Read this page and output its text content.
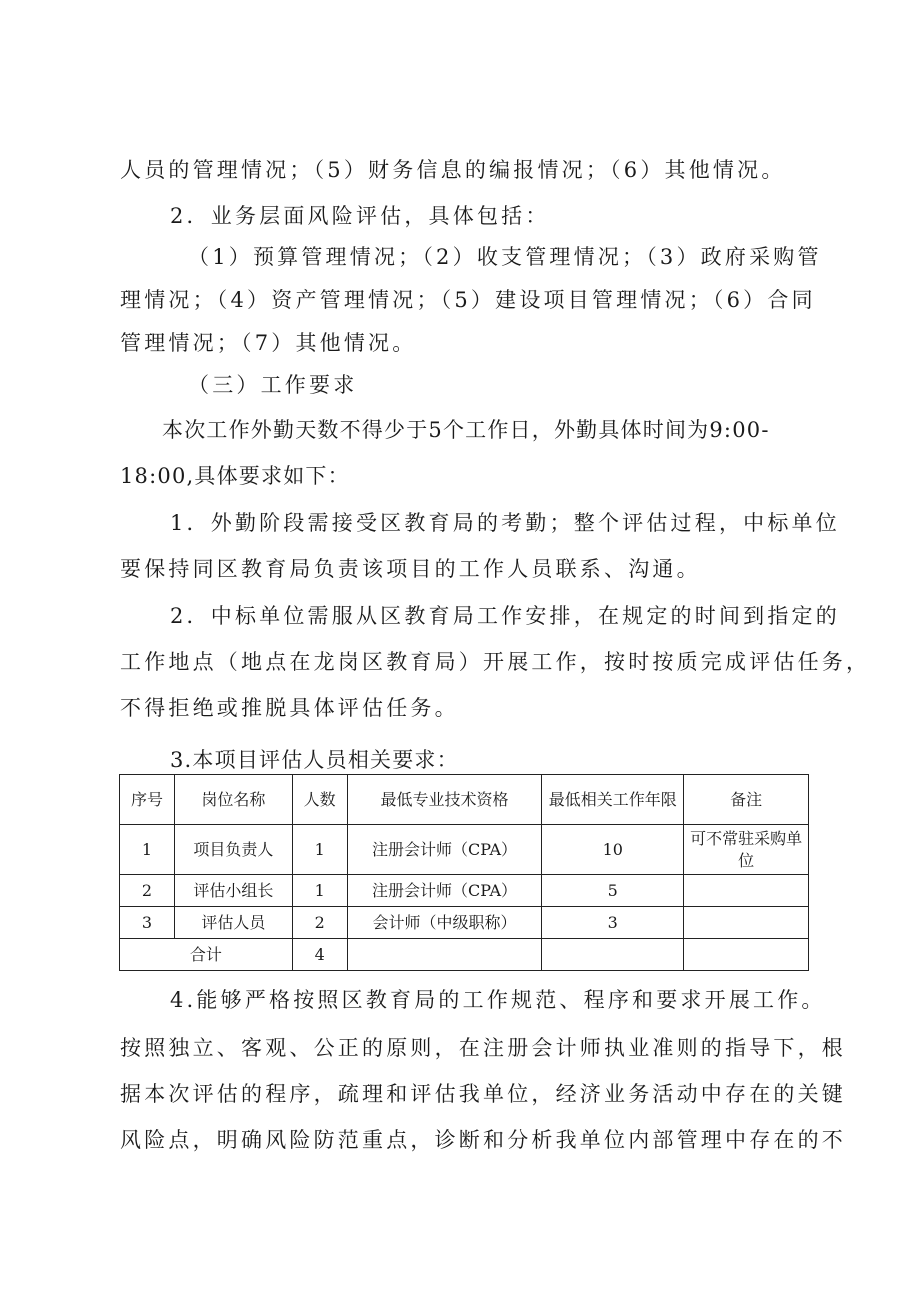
人员的管理情况；（5）财务信息的编报情况；（6）其他情况。
2．业务层面风险评估，具体包括：
（1）预算管理情况；（2）收支管理情况；（3）政府采购管
理情况；（4）资产管理情况；（5）建设项目管理情况；（6）合同
管理情况；（7）其他情况。
（三）工作要求
本次工作外勤天数不得少于5个工作日，外勤具体时间为9:00-
18:00,具体要求如下：
1．外勤阶段需接受区教育局的考勤；整个评估过程，中标单位
要保持同区教育局负责该项目的工作人员联系、沟通。
2．中标单位需服从区教育局工作安排，在规定的时间到指定的
工作地点（地点在龙岗区教育局）开展工作，按时按质完成评估任务，
不得拒绝或推脱具体评估任务。
3.本项目评估人员相关要求：
序号	岗位名称	人数	最低专业技术资格	最低相关工作年限	备注
1	项目负责人	1	注册会计师（CPA）	10	可不常驻采购单位
2	评估小组长	1	注册会计师（CPA）	5	
3	评估人员	2	会计师（中级职称）	3	
合计		4			
4.能够严格按照区教育局的工作规范、程序和要求开展工作。
按照独立、客观、公正的原则，在注册会计师执业准则的指导下，根
据本次评估的程序，疏理和评估我单位，经济业务活动中存在的关键
风险点，明确风险防范重点，诊断和分析我单位内部管理中存在的不
